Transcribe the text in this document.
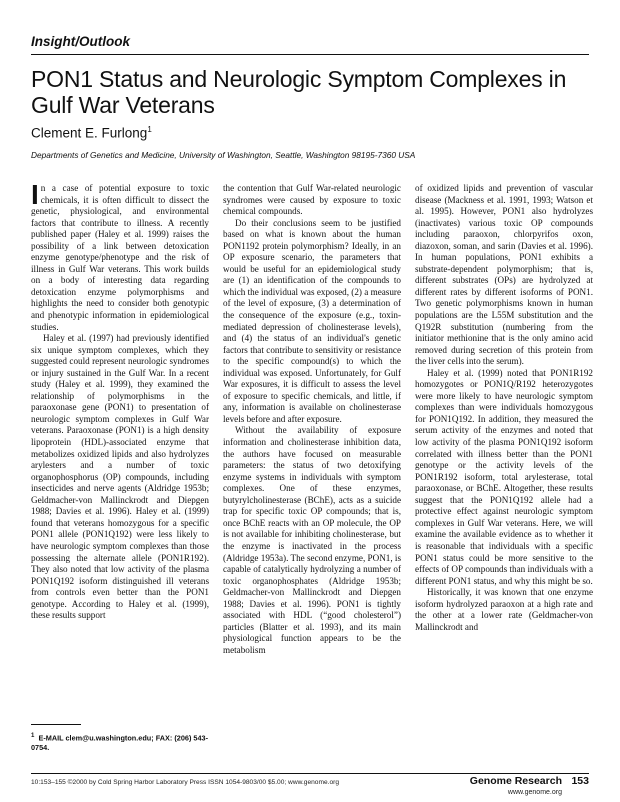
Insight/Outlook
PON1 Status and Neurologic Symptom Complexes in Gulf War Veterans
Clement E. Furlong$^1$
Departments of Genetics and Medicine, University of Washington, Seattle, Washington 98195-7360 USA

In a case of potential exposure to toxic chemicals, it is often difficult to dissect the genetic, physiological, and environmental factors that contribute to illness. A recently published paper (Haley et al. 1999) raises the possibility of a link between detoxication enzyme genotype/phenotype and the risk of illness in Gulf War veterans. This work builds on a body of interesting data regarding detoxication enzyme polymorphisms and highlights the need to consider both genotypic and phenotypic information in epidemiological studies.

Haley et al. (1997) had previously identified six unique symptom complexes, which they suggested could represent neurologic syndromes or injury sustained in the Gulf War. In a recent study (Haley et al. 1999), they examined the relationship of polymorphisms in the paraoxonase gene (PON1) to presentation of neurologic symptom complexes in Gulf War veterans. Paraoxonase (PON1) is a high density lipoprotein (HDL)-associated enzyme that metabolizes oxidized lipids and also hydrolyzes arylesters and a number of toxic organophosphorus (OP) compounds, including insecticides and nerve agents (Aldridge 1953b; Geldmacher-von Mallinckrodt and Diepgen 1988; Davies et al. 1996). Haley et al. (1999) found that veterans homozygous for a specific PON1 allele (PON1Q192) were less likely to have neurologic symptom complexes than those possessing the alternate allele (PON1R192). They also noted that low activity of the plasma PON1Q192 isoform distinguished ill veterans from controls even better than the PON1 genotype. According to Haley et al. (1999), these results support

the contention that Gulf War-related neurologic syndromes were caused by exposure to toxic chemical compounds.

Do their conclusions seem to be justified based on what is known about the human PON1192 protein polymorphism? Ideally, in an OP exposure scenario, the parameters that would be useful for an epidemiological study are (1) an identification of the compounds to which the individual was exposed, (2) a measure of the level of exposure, (3) a determination of the consequence of the exposure (e.g., toxin-mediated depression of cholinesterase levels), and (4) the status of an individual's genetic factors that contribute to sensitivity or resistance to the specific compound(s) to which the individual was exposed. Unfortunately, for Gulf War exposures, it is difficult to assess the level of exposure to specific chemicals, and little, if any, information is available on cholinesterase levels before and after exposure.

Without the availability of exposure information and cholinesterase inhibition data, the authors have focused on measurable parameters: the status of two detoxifying enzyme systems in individuals with symptom complexes. One of these enzymes, butyrylcholinesterase (BChE), acts as a suicide trap for specific toxic OP compounds; that is, once BChE reacts with an OP molecule, the OP is not available for inhibiting cholinesterase, but the enzyme is inactivated in the process (Aldridge 1953a). The second enzyme, PON1, is capable of catalytically hydrolyzing a number of toxic organophosphates (Aldridge 1953b; Geldmacher-von Mallinckrodt and Diepgen 1988; Davies et al. 1996). PON1 is tightly associated with HDL (“good cholesterol”) particles (Blatter et al. 1993), and its main physiological function appears to be the metabolism

of oxidized lipids and prevention of vascular disease (Mackness et al. 1991, 1993; Watson et al. 1995). However, PON1 also hydrolyzes (inactivates) various toxic OP compounds including paraoxon, chlorpyrifos oxon, diazoxon, soman, and sarin (Davies et al. 1996). In human populations, PON1 exhibits a substrate-dependent polymorphism; that is, different substrates (OPs) are hydrolyzed at different rates by different isoforms of PON1. Two genetic polymorphisms known in human populations are the L55M substitution and the Q192R substitution (numbering from the initiator methionine that is the only amino acid removed during secretion of this protein from the liver cells into the serum).

Haley et al. (1999) noted that PON1R192 homozygotes or PON1Q/R192 heterozygotes were more likely to have neurologic symptom complexes than were individuals homozygous for PON1Q192. In addition, they measured the serum activity of the enzymes and noted that low activity of the plasma PON1Q192 isoform correlated with illness better than the PON1 genotype or the activity levels of the PON1R192 isoform, total arylesterase, total paraoxonase, or BChE. Altogether, these results suggest that the PON1Q192 allele had a protective effect against neurologic symptom complexes in Gulf War veterans. Here, we will examine the available evidence as to whether it is reasonable that individuals with a specific PON1 status could be more sensitive to the effects of OP compounds than individuals with a different PON1 status, and why this might be so.

Historically, it was known that one enzyme isoform hydrolyzed paraoxon at a high rate and the other at a lower rate (Geldmacher-von Mallinckrodt and

$^1$ E-MAIL clem@u.washington.edu; FAX: (206) 543-0754.
10:153–155 ©2000 by Cold Spring Harbor Laboratory Press ISSN 1054-9803/00 $5.00; www.genome.org	Genome Research 153
www.genome.org
